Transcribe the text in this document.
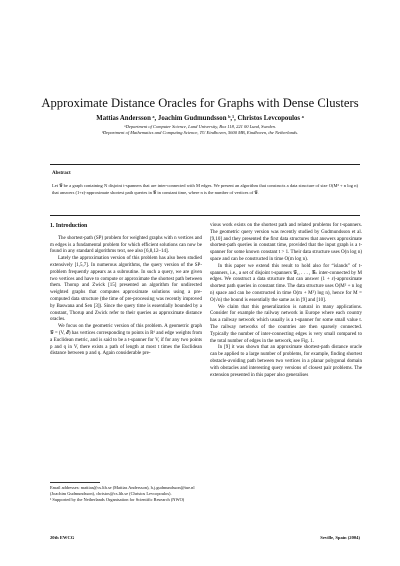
Approximate Distance Oracles for Graphs with Dense Clusters
Mattias Andersson ᵃ, Joachim Gudmundsson ᵇ,¹, Christos Levcopoulos ᵃ
ᵃDepartment of Computer Science, Lund University, Box 118, 221 00 Lund, Sweden.
ᵇDepartment of Mathematics and Computing Science, TU Eindhoven, 5600 MB, Eindhoven, the Netherlands.
Abstract
Let 𝒢 be a graph containing N disjoint t-spanners that are inter-connected with M edges. We present an algorithm that constructs a data structure of size O(M² + n log n) that answers (1+ε)-approximate shortest path queries in 𝒢 in constant time, where n is the number of vertices of 𝒢.
1. Introduction

The shortest-path (SP) problem for weighted graphs with n vertices and m edges is a fundamental problem for which efficient solutions can now be found in any standard algorithms text, see also [6,8,12–14].

Lately the approximation version of this problem has also been studied extensively [1,5,7]. In numerous algorithms, the query version of the SP-problem frequently appears as a subroutine. In such a query, we are given two vertices and have to compute or approximate the shortest path between them. Thorup and Zwick [15] presented an algorithm for undirected weighted graphs that computes approximate solutions using a pre-computed data structure (the time of pre-processing was recently improved by Baswana and Sen [3]). Since the query time is essentially bounded by a constant, Thorup and Zwick refer to their queries as approximate distance oracles.

We focus on the geometric version of this problem. A geometric graph 𝒢 = (V, ℰ) has vertices corresponding to points in Rᵈ and edge weights from a Euclidean metric, and is said to be a t-spanner for V, if for any two points p and q in V, there exists a path of length at most t times the Euclidean distance between p and q. Again considerable pre-

vious work exists on the shortest path and related problems for t-spanners. The geometric query version was recently studied by Gudmundsson et al. [9,10] and they presented the first data structures that answers approximate shortest-path queries in constant time, provided that the input graph is a t-spanner for some known constant t > 1. Their data structure uses O(n log n) space and can be constructed in time O(m log n).

In this paper we extend this result to hold also for “islands” of t-spanners, i.e., a set of disjoint t-spanners 𝒢₁, . . . , 𝒢ₙ inter-connected by M edges. We construct a data structure that can answer (1 + ε)-approximate shortest path queries in constant time. The data structure uses O(M² + n log n) space and can be constructed in time O(m + M²) log n), hence for M = O(√n) the bound is essentially the same as in [9] and [10].

We claim that this generalization is natural in many applications. Consider for example the railway network in Europe where each country has a railway network which usually is a t-spanner for some small value t. The railway networks of the countries are then sparsely connected. Typically the number of inter-connecting edges is very small compared to the total number of edges in the network, see Fig. 1.

In [9] it was shown that an approximate shortest-path distance oracle can be applied to a large number of problems, for example, finding shortest obstacle-avoiding path between two vertices in a planar polygonal domain with obstacles and interesting query versions of closest pair problems. The extension presented in this paper also generalises

Email addresses: mattias@cs.lth.se (Mattias Andersson), h.j.gudmundsson@tue.nl (Joachim Gudmundsson), christos@cs.lth.se (Christos Levcopoulos).
¹ Supported by the Netherlands Organisation for Scientific Research (NWO)
20th EWCG	Seville, Spain (2004)
